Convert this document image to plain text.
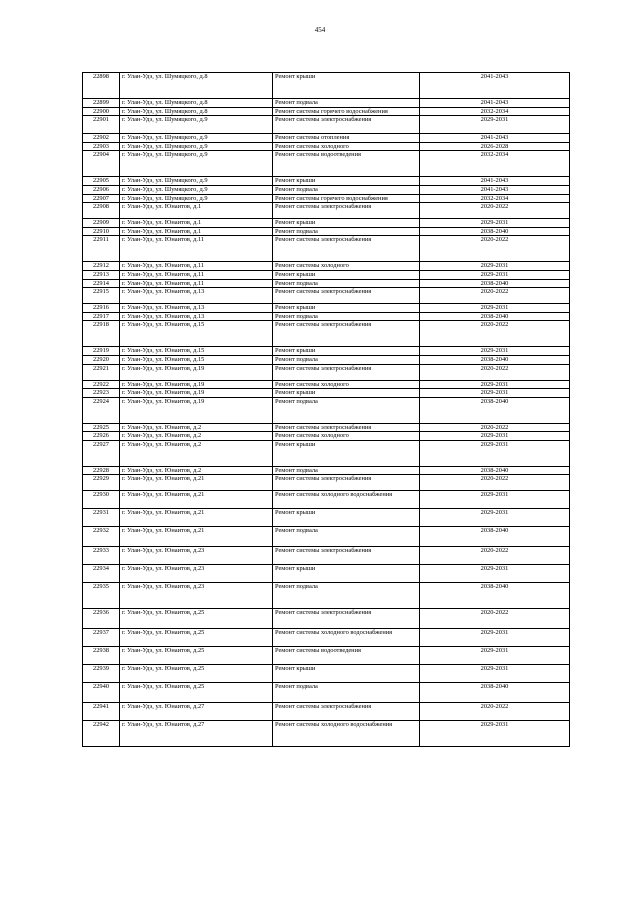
454
22898	г. Улан-Удэ, ул. Шумяцкого, д.8	Ремонт крыши	2041-2043
22899	г. Улан-Удэ, ул. Шумяцкого, д.8	Ремонт подвала	2041-2043
22900	г. Улан-Удэ, ул. Шумяцкого, д.8	Ремонт системы горячего водоснабжения	2032-2034
22901	г. Улан-Удэ, ул. Шумяцкого, д.9	Ремонт системы электроснабжения	2029-2031
22902	г. Улан-Удэ, ул. Шумяцкого, д.9	Ремонт системы отопления	2041-2043
22903	г. Улан-Удэ, ул. Шумяцкого, д.9	Ремонт системы холодного	2026-2028
22904	г. Улан-Удэ, ул. Шумяцкого, д.9	Ремонт системы водоотведения	2032-2034
22905	г. Улан-Удэ, ул. Шумяцкого, д.9	Ремонт крыши	2041-2043
22906	г. Улан-Удэ, ул. Шумяцкого, д.9	Ремонт подвала	2041-2043
22907	г. Улан-Удэ, ул. Шумяцкого, д.9	Ремонт системы горячего водоснабжения	2032-2034
22908	г. Улан-Удэ, ул. Юнаитов, д.1	Ремонт системы электроснабжения	2020-2022
22909	г. Улан-Удэ, ул. Юнаитов, д.1	Ремонт крыши	2029-2031
22910	г. Улан-Удэ, ул. Юнаитов, д.1	Ремонт подвала	2038-2040
22911	г. Улан-Удэ, ул. Юнаитов, д.11	Ремонт системы электроснабжения	2020-2022
22912	г. Улан-Удэ, ул. Юнаитов, д.11	Ремонт системы холодного	2029-2031
22913	г. Улан-Удэ, ул. Юнаитов, д.11	Ремонт крыши	2029-2031
22914	г. Улан-Удэ, ул. Юнаитов, д.11	Ремонт подвала	2038-2040
22915	г. Улан-Удэ, ул. Юнаитов, д.13	Ремонт системы электроснабжения	2020-2022
22916	г. Улан-Удэ, ул. Юнаитов, д.13	Ремонт крыши	2029-2031
22917	г. Улан-Удэ, ул. Юнаитов, д.13	Ремонт подвала	2038-2040
22918	г. Улан-Удэ, ул. Юнаитов, д.15	Ремонт системы электроснабжения	2020-2022
22919	г. Улан-Удэ, ул. Юнаитов, д.15	Ремонт крыши	2029-2031
22920	г. Улан-Удэ, ул. Юнаитов, д.15	Ремонт подвала	2038-2040
22921	г. Улан-Удэ, ул. Юнаитов, д.19	Ремонт системы электроснабжения	2020-2022
22922	г. Улан-Удэ, ул. Юнаитов, д.19	Ремонт системы холодного	2029-2031
22923	г. Улан-Удэ, ул. Юнаитов, д.19	Ремонт крыши	2029-2031
22924	г. Улан-Удэ, ул. Юнаитов, д.19	Ремонт подвала	2038-2040
22925	г. Улан-Удэ, ул. Юнаитов, д.2	Ремонт системы электроснабжения	2020-2022
22926	г. Улан-Удэ, ул. Юнаитов, д.2	Ремонт системы холодного	2029-2031
22927	г. Улан-Удэ, ул. Юнаитов, д.2	Ремонт крыши	2029-2031
22928	г. Улан-Удэ, ул. Юнаитов, д.2	Ремонт подвала	2038-2040
22929	г. Улан-Удэ, ул. Юнаитов, д.21	Ремонт системы электроснабжения	2020-2022
22930	г. Улан-Удэ, ул. Юнаитов, д.21	Ремонт системы холодного водоснабжения	2029-2031
22931	г. Улан-Удэ, ул. Юнаитов, д.21	Ремонт крыши	2029-2031
22932	г. Улан-Удэ, ул. Юнаитов, д.21	Ремонт подвала	2038-2040
22933	г. Улан-Удэ, ул. Юнаитов, д.23	Ремонт системы электроснабжения	2020-2022
22934	г. Улан-Удэ, ул. Юнаитов, д.23	Ремонт крыши	2029-2031
22935	г. Улан-Удэ, ул. Юнаитов, д.23	Ремонт подвала	2038-2040
22936	г. Улан-Удэ, ул. Юнаитов, д.25	Ремонт системы электроснабжения	2020-2022
22937	г. Улан-Удэ, ул. Юнаитов, д.25	Ремонт системы холодного водоснабжения	2029-2031
22938	г. Улан-Удэ, ул. Юнаитов, д.25	Ремонт системы водоотведения	2029-2031
22939	г. Улан-Удэ, ул. Юнаитов, д.25	Ремонт крыши	2029-2031
22940	г. Улан-Удэ, ул. Юнаитов, д.25	Ремонт подвала	2038-2040
22941	г. Улан-Удэ, ул. Юнаитов, д.27	Ремонт системы электроснабжения	2020-2022
22942	г. Улан-Удэ, ул. Юнаитов, д.27	Ремонт системы холодного водоснабжения	2029-2031
